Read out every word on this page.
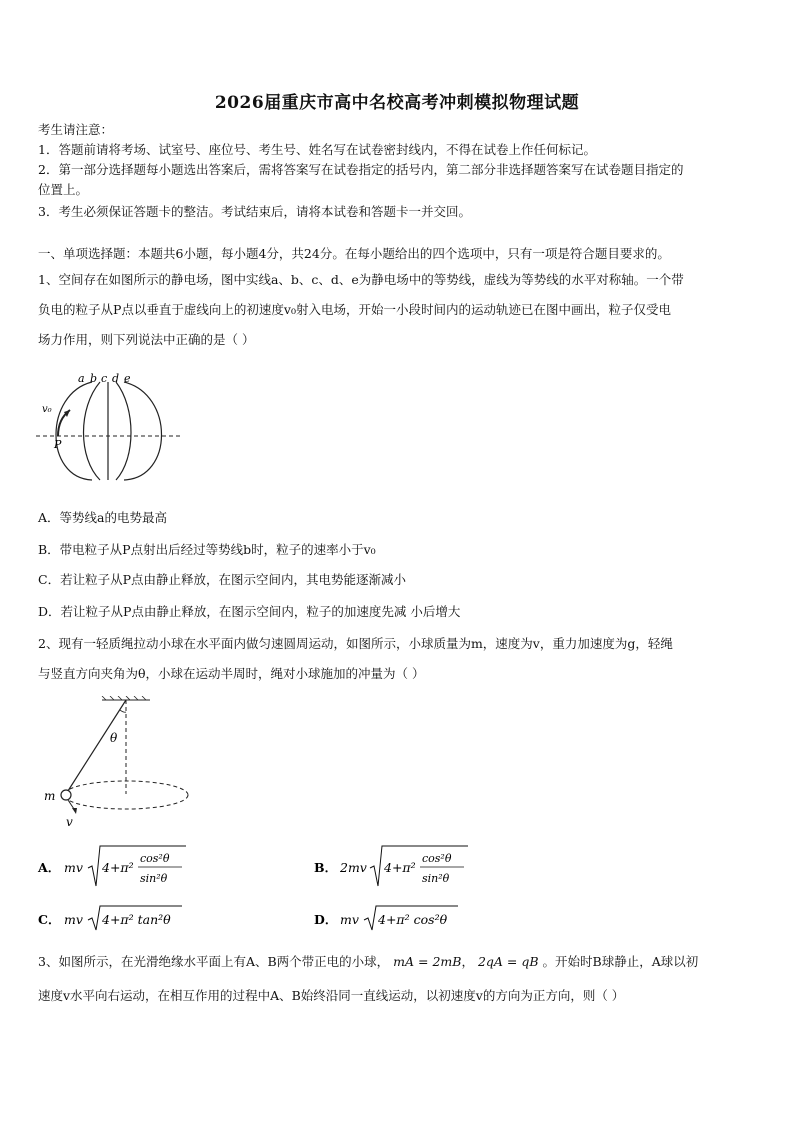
2026届重庆市高中名校高考冲刺模拟物理试题
考生请注意：
1．答题前请将考场、试室号、座位号、考生号、姓名写在试卷密封线内，不得在试卷上作任何标记。
2．第一部分选择题每小题选出答案后，需将答案写在试卷指定的括号内，第二部分非选择题答案写在试卷题目指定的
位置上。
3．考生必须保证答题卡的整洁。考试结束后，请将本试卷和答题卡一并交回。
一、单项选择题：本题共6小题，每小题4分，共24分。在每小题给出的四个选项中，只有一项是符合题目要求的。
1、空间存在如图所示的静电场，图中实线a、b、c、d、e为静电场中的等势线，虚线为等势线的水平对称轴。一个带
负电的粒子从P点以垂直于虚线向上的初速度v₀射入电场，开始一小段时间内的运动轨迹已在图中画出，粒子仅受电
场力作用，则下列说法中正确的是（ ）
a b c d e
v₀
P
A．等势线a的电势最高
B．带电粒子从P点射出后经过等势线b时，粒子的速率小于v₀
C．若让粒子从P点由静止释放，在图示空间内，其电势能逐渐减小
D．若让粒子从P点由静止释放，在图示空间内，粒子的加速度先减 小后增大
2、现有一轻质绳拉动小球在水平面内做匀速圆周运动，如图所示，小球质量为m，速度为v，重力加速度为g，轻绳
与竖直方向夹角为θ，小球在运动半周时，绳对小球施加的冲量为（ ）
θ
m
v
A． mv 4+π²
cos²θ
sin²θ
B． 2mv 4+π²
cos²θ
sin²θ
C． mv 4+π² tan²θ	D． mv 4+π² cos²θ
3、如图所示，在光滑绝缘水平面上有A、B两个带正电的小球， mA = 2mB， 2qA = qB 。开始时B球静止，A球以初
速度v水平向右运动，在相互作用的过程中A、B始终沿同一直线运动，以初速度v的方向为正方向，则（ ）
